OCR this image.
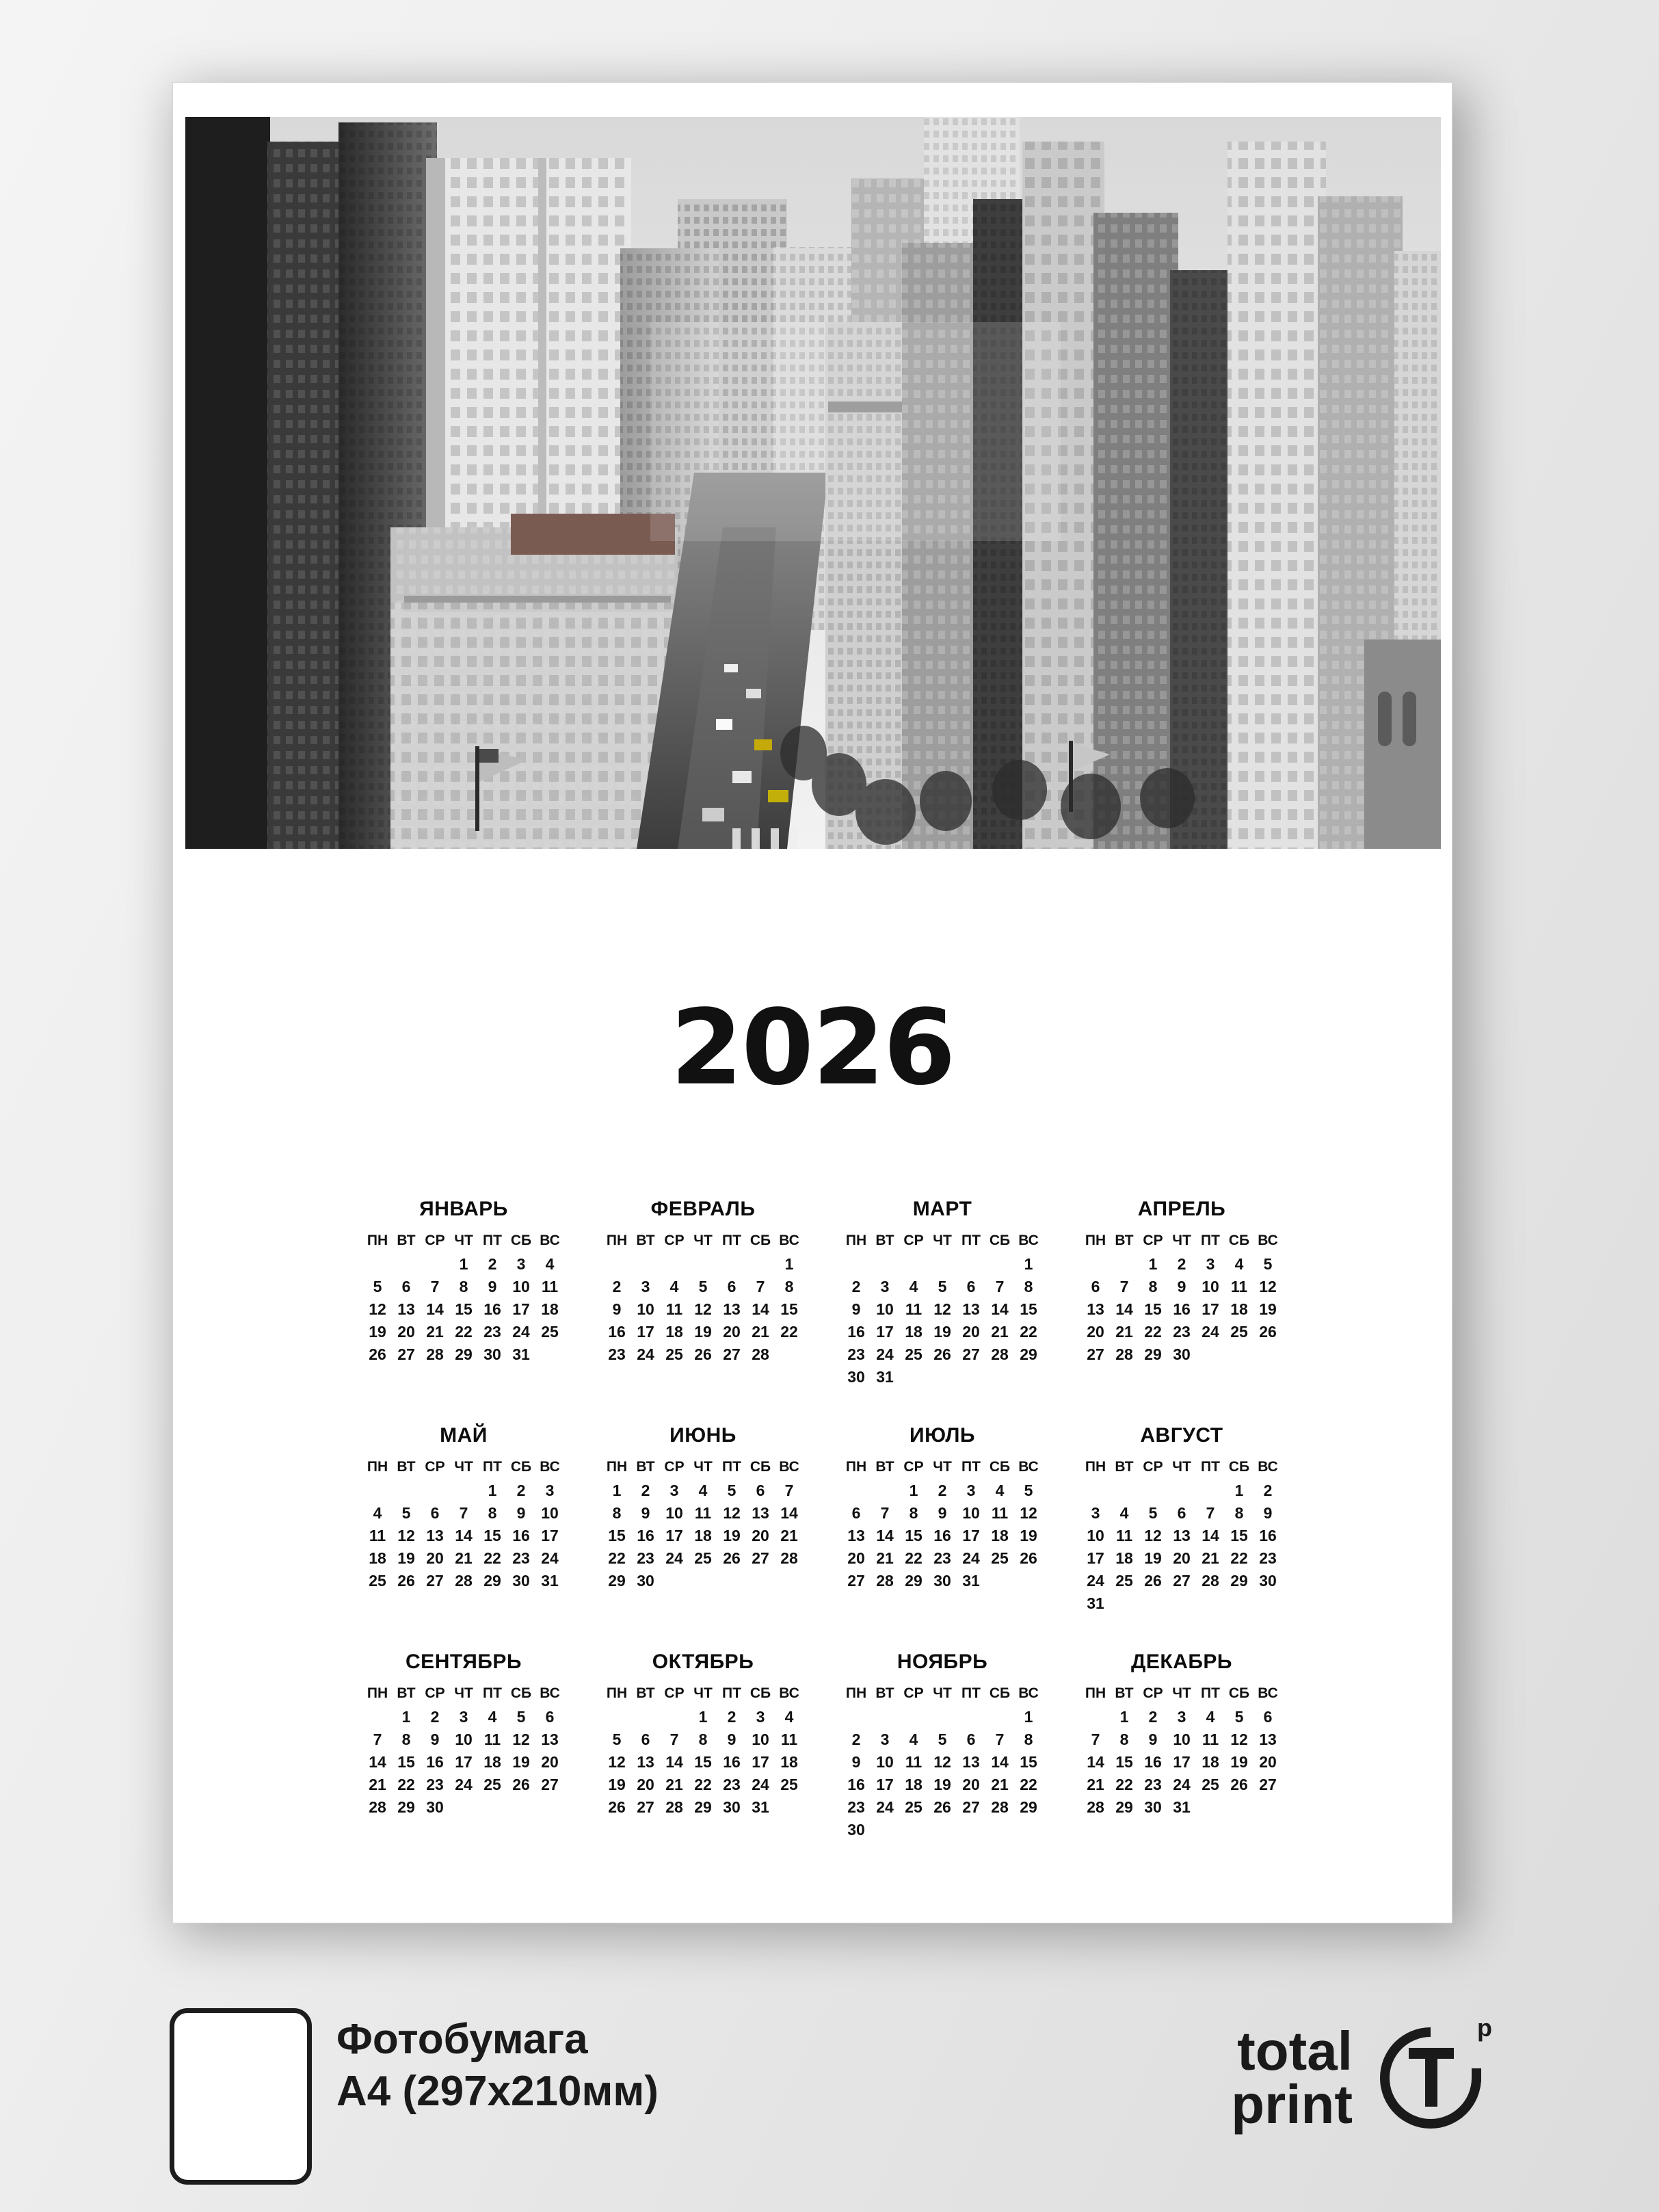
2026
ЯНВАРЬ
ПН	ВТ	СР	ЧТ	ПТ	СБ	ВС
			1	2	3	4
5	6	7	8	9	10	11
12	13	14	15	16	17	18
19	20	21	22	23	24	25
26	27	28	29	30	31	
ФЕВРАЛЬ
ПН	ВТ	СР	ЧТ	ПТ	СБ	ВС
						1
2	3	4	5	6	7	8
9	10	11	12	13	14	15
16	17	18	19	20	21	22
23	24	25	26	27	28	
МАРТ
ПН	ВТ	СР	ЧТ	ПТ	СБ	ВС
						1
2	3	4	5	6	7	8
9	10	11	12	13	14	15
16	17	18	19	20	21	22
23	24	25	26	27	28	29
30	31					
АПРЕЛЬ
ПН	ВТ	СР	ЧТ	ПТ	СБ	ВС
		1	2	3	4	5
6	7	8	9	10	11	12
13	14	15	16	17	18	19
20	21	22	23	24	25	26
27	28	29	30			
МАЙ
ПН	ВТ	СР	ЧТ	ПТ	СБ	ВС
				1	2	3
4	5	6	7	8	9	10
11	12	13	14	15	16	17
18	19	20	21	22	23	24
25	26	27	28	29	30	31
ИЮНЬ
ПН	ВТ	СР	ЧТ	ПТ	СБ	ВС
1	2	3	4	5	6	7
8	9	10	11	12	13	14
15	16	17	18	19	20	21
22	23	24	25	26	27	28
29	30					
ИЮЛЬ
ПН	ВТ	СР	ЧТ	ПТ	СБ	ВС
		1	2	3	4	5
6	7	8	9	10	11	12
13	14	15	16	17	18	19
20	21	22	23	24	25	26
27	28	29	30	31		
АВГУСТ
ПН	ВТ	СР	ЧТ	ПТ	СБ	ВС
					1	2
3	4	5	6	7	8	9
10	11	12	13	14	15	16
17	18	19	20	21	22	23
24	25	26	27	28	29	30
31						
СЕНТЯБРЬ
ПН	ВТ	СР	ЧТ	ПТ	СБ	ВС
	1	2	3	4	5	6
7	8	9	10	11	12	13
14	15	16	17	18	19	20
21	22	23	24	25	26	27
28	29	30				
ОКТЯБРЬ
ПН	ВТ	СР	ЧТ	ПТ	СБ	ВС
			1	2	3	4
5	6	7	8	9	10	11
12	13	14	15	16	17	18
19	20	21	22	23	24	25
26	27	28	29	30	31	
НОЯБРЬ
ПН	ВТ	СР	ЧТ	ПТ	СБ	ВС
						1
2	3	4	5	6	7	8
9	10	11	12	13	14	15
16	17	18	19	20	21	22
23	24	25	26	27	28	29
30						
ДЕКАБРЬ
ПН	ВТ	СР	ЧТ	ПТ	СБ	ВС
	1	2	3	4	5	6
7	8	9	10	11	12	13
14	15	16	17	18	19	20
21	22	23	24	25	26	27
28	29	30	31			
Фотобумага
А4 (297х210мм)
total
print
р
